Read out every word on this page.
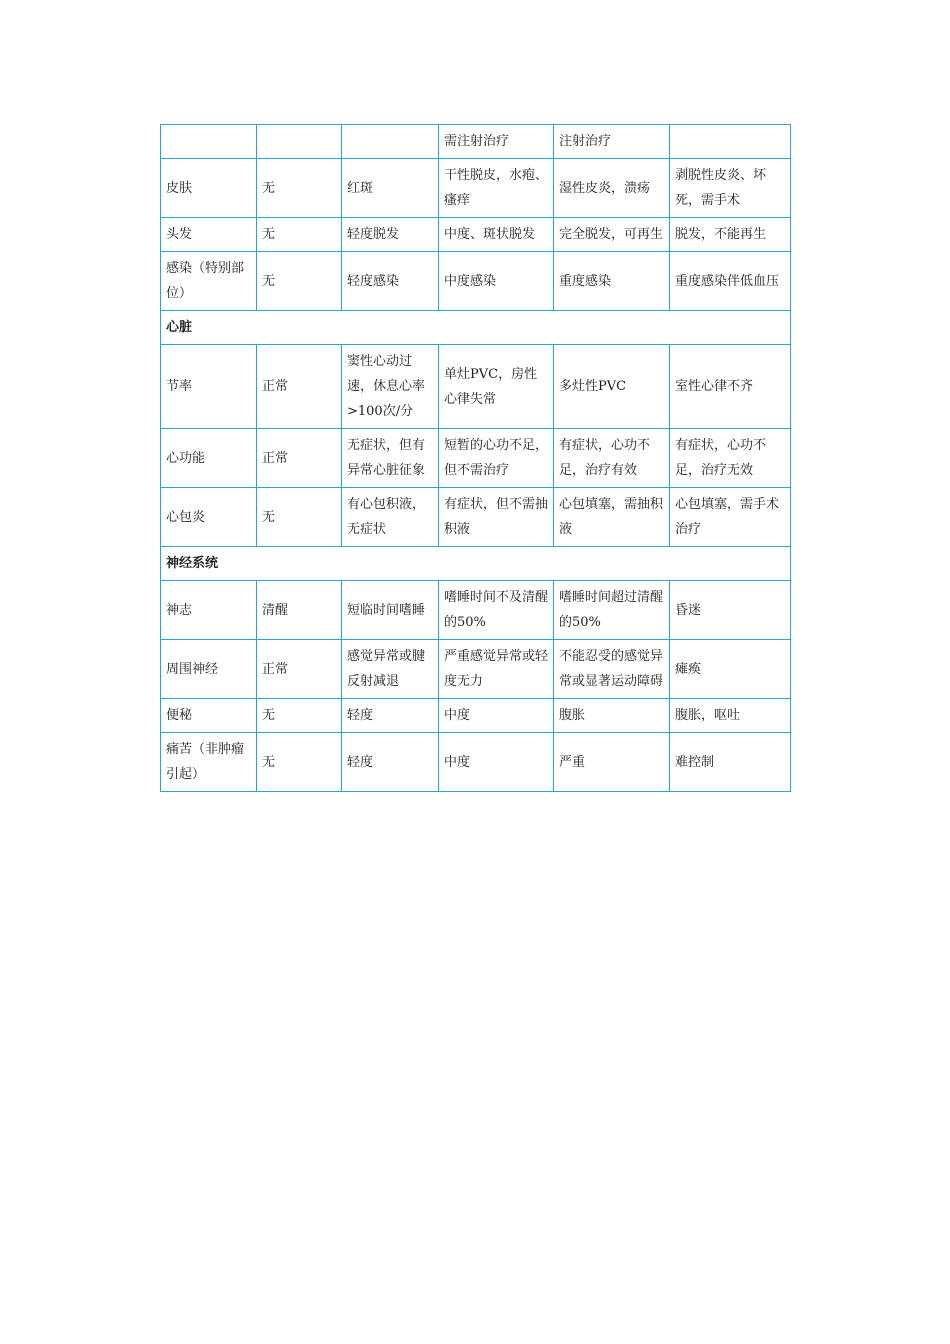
			需注射治疗	注射治疗	
皮肤	无	红斑	干性脱皮，水疱、瘙痒	湿性皮炎，溃疡	剥脱性皮炎、坏死，需手术
头发	无	轻度脱发	中度、斑状脱发	完全脱发，可再生	脱发，不能再生
感染（特别部位）	无	轻度感染	中度感染	重度感染	重度感染伴低血压
心脏					
节率	正常	窦性心动过速，休息心率>100次/分	单灶PVC，房性心律失常	多灶性PVC	室性心律不齐
心功能	正常	无症状，但有异常心脏征象	短暂的心功不足，但不需治疗	有症状，心功不足，治疗有效	有症状，心功不足，治疗无效
心包炎	无	有心包积液，无症状	有症状，但不需抽积液	心包填塞，需抽积液	心包填塞，需手术治疗
神经系统					
神志	清醒	短临时间嗜睡	嗜睡时间不及清醒的50%	嗜睡时间超过清醒的50%	昏迷
周围神经	正常	感觉异常或腱反射减退	严重感觉异常或轻度无力	不能忍受的感觉异常或显著运动障碍	瘫痪
便秘	无	轻度	中度	腹胀	腹胀，呕吐
痛苦（非肿瘤引起）	无	轻度	中度	严重	难控制
